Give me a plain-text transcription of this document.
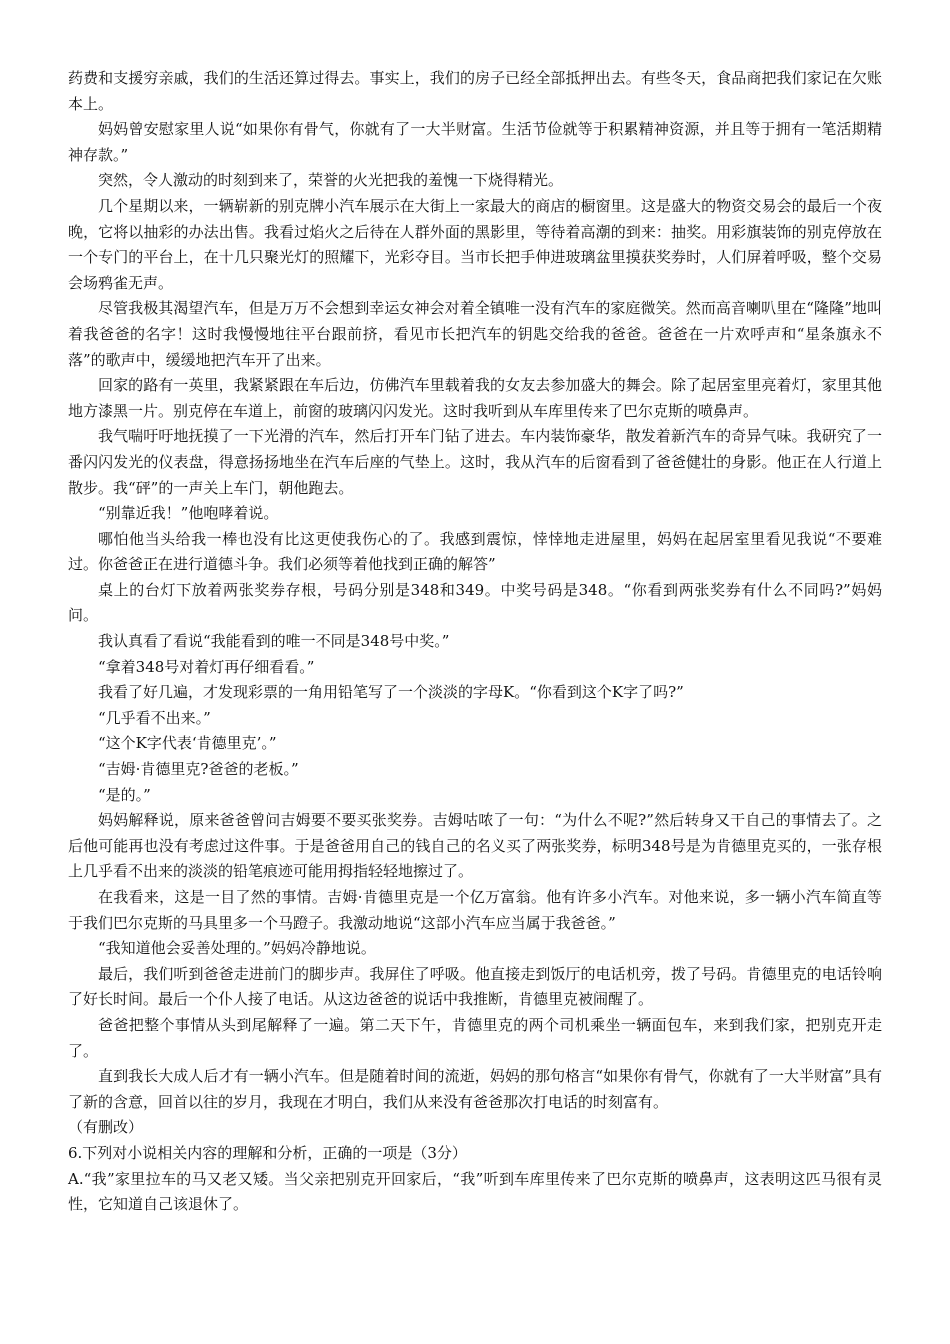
药费和支援穷亲戚，我们的生活还算过得去。事实上，我们的房子已经全部抵押出去。有些冬天，食品商把我们家记在欠账本上。

妈妈曾安慰家里人说“如果你有骨气，你就有了一大半财富。生活节俭就等于积累精神资源，并且等于拥有一笔活期精神存款。”

突然，令人激动的时刻到来了，荣誉的火光把我的羞愧一下烧得精光。

几个星期以来，一辆崭新的别克牌小汽车展示在大街上一家最大的商店的橱窗里。这是盛大的物资交易会的最后一个夜晚，它将以抽彩的办法出售。我看过焰火之后待在人群外面的黑影里，等待着高潮的到来：抽奖。用彩旗装饰的别克停放在一个专门的平台上，在十几只聚光灯的照耀下，光彩夺目。当市长把手伸进玻璃盆里摸获奖券时，人们屏着呼吸，整个交易会场鸦雀无声。

尽管我极其渴望汽车，但是万万不会想到幸运女神会对着全镇唯一没有汽车的家庭微笑。然而高音喇叭里在“隆隆”地叫着我爸爸的名字！这时我慢慢地往平台跟前挤，看见市长把汽车的钥匙交给我的爸爸。爸爸在一片欢呼声和“星条旗永不落”的歌声中，缓缓地把汽车开了出来。

回家的路有一英里，我紧紧跟在车后边，仿佛汽车里载着我的女友去参加盛大的舞会。除了起居室里亮着灯，家里其他地方漆黑一片。别克停在车道上，前窗的玻璃闪闪发光。这时我听到从车库里传来了巴尔克斯的喷鼻声。

我气喘吁吁地抚摸了一下光滑的汽车，然后打开车门钻了进去。车内装饰豪华，散发着新汽车的奇异气味。我研究了一番闪闪发光的仪表盘，得意扬扬地坐在汽车后座的气垫上。这时，我从汽车的后窗看到了爸爸健壮的身影。他正在人行道上散步。我“砰”的一声关上车门，朝他跑去。

“别靠近我！”他咆哮着说。

哪怕他当头给我一棒也没有比这更使我伤心的了。我感到震惊，悻悻地走进屋里，妈妈在起居室里看见我说“不要难过。你爸爸正在进行道德斗争。我们必须等着他找到正确的解答”

桌上的台灯下放着两张奖券存根，号码分别是348和349。中奖号码是348。“你看到两张奖券有什么不同吗?”妈妈问。

我认真看了看说“我能看到的唯一不同是348号中奖。”

“拿着348号对着灯再仔细看看。”

我看了好几遍，才发现彩票的一角用铅笔写了一个淡淡的字母K。“你看到这个K字了吗?”

“几乎看不出来。”

“这个K字代表‘肯德里克’。”

“吉姆·肯德里克?爸爸的老板。”

“是的。”

妈妈解释说，原来爸爸曾问吉姆要不要买张奖券。吉姆咕哝了一句：“为什么不呢?”然后转身又干自己的事情去了。之后他可能再也没有考虑过这件事。于是爸爸用自己的钱自己的名义买了两张奖券，标明348号是为肯德里克买的，一张存根上几乎看不出来的淡淡的铅笔痕迹可能用拇指轻轻地擦过了。

在我看来，这是一目了然的事情。吉姆·肯德里克是一个亿万富翁。他有许多小汽车。对他来说，多一辆小汽车简直等于我们巴尔克斯的马具里多一个马蹬子。我激动地说“这部小汽车应当属于我爸爸。”

“我知道他会妥善处理的。”妈妈冷静地说。

最后，我们听到爸爸走进前门的脚步声。我屏住了呼吸。他直接走到饭厅的电话机旁，拨了号码。肯德里克的电话铃响了好长时间。最后一个仆人接了电话。从这边爸爸的说话中我推断，肯德里克被闹醒了。

爸爸把整个事情从头到尾解释了一遍。第二天下午，肯德里克的两个司机乘坐一辆面包车，来到我们家，把别克开走了。

直到我长大成人后才有一辆小汽车。但是随着时间的流逝，妈妈的那句格言“如果你有骨气，你就有了一大半财富”具有了新的含意，回首以往的岁月，我现在才明白，我们从来没有爸爸那次打电话的时刻富有。

（有删改）

6.下列对小说相关内容的理解和分析，正确的一项是（3分）

A.“我”家里拉车的马又老又矮。当父亲把别克开回家后，“我”听到车库里传来了巴尔克斯的喷鼻声，这表明这匹马很有灵性，它知道自己该退休了。
